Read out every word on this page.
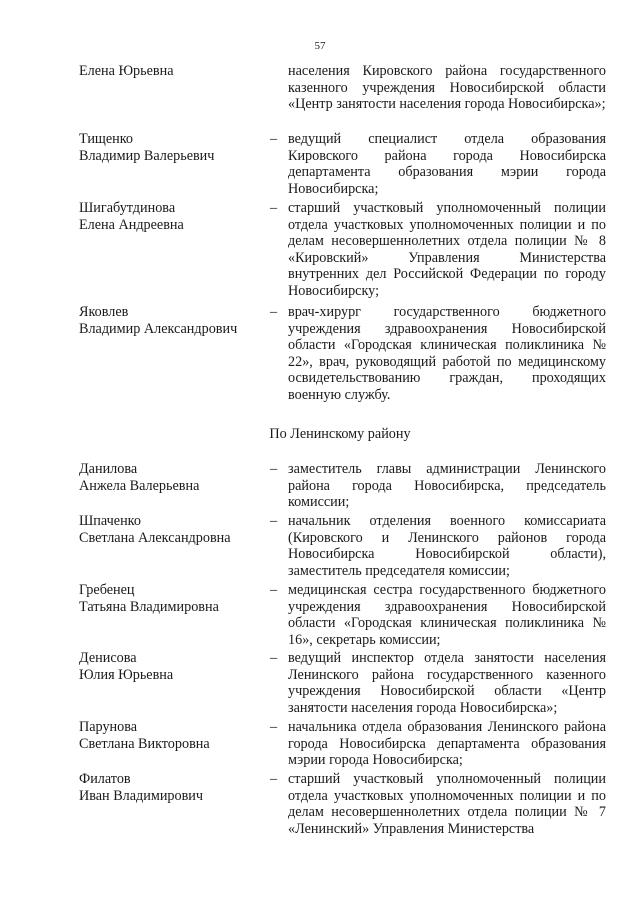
57
Елена Юрьевна	населения Кировского района государственного казенного учреждения Новосибирской области «Центр занятости населения города Новосибирска»;
Тищенко
Владимир Валерьевич
– ведущий специалист отдела образования Кировского района города Новосибирска департамента образования мэрии города Новосибирска;
Шигабутдинова
Елена Андреевна
– старший участковый уполномоченный полиции отдела участковых уполномоченных полиции и по делам несовершеннолетних отдела полиции № 8 «Кировский» Управления Министерства внутренних дел Российской Федерации по городу Новосибирску;
Яковлев
Владимир Александрович
– врач-хирург государственного бюджетного учреждения здравоохранения Новосибирской области «Городская клиническая поликлиника № 22», врач, руководящий работой по медицинскому освидетельствованию граждан, проходящих военную службу.
По Ленинскому району
Данилова
Анжела Валерьевна
– заместитель главы администрации Ленинского района города Новосибирска, председатель комиссии;
Шпаченко
Светлана Александровна
– начальник отделения военного комиссариата (Кировского и Ленинского районов города Новосибирска Новосибирской области), заместитель председателя комиссии;
Гребенец
Татьяна Владимировна
– медицинская сестра государственного бюджетного учреждения здравоохранения Новосибирской области «Городская клиническая поликлиника № 16», секретарь комиссии;
Денисова
Юлия Юрьевна
– ведущий инспектор отдела занятости населения Ленинского района государственного казенного учреждения Новосибирской области «Центр занятости населения города Новосибирска»;
Парунова
Светлана Викторовна
– начальника отдела образования Ленинского района города Новосибирска департамента образования мэрии города Новосибирска;
Филатов
Иван Владимирович
– старший участковый уполномоченный полиции отдела участковых уполномоченных полиции и по делам несовершеннолетних отдела полиции № 7 «Ленинский» Управления Министерства
